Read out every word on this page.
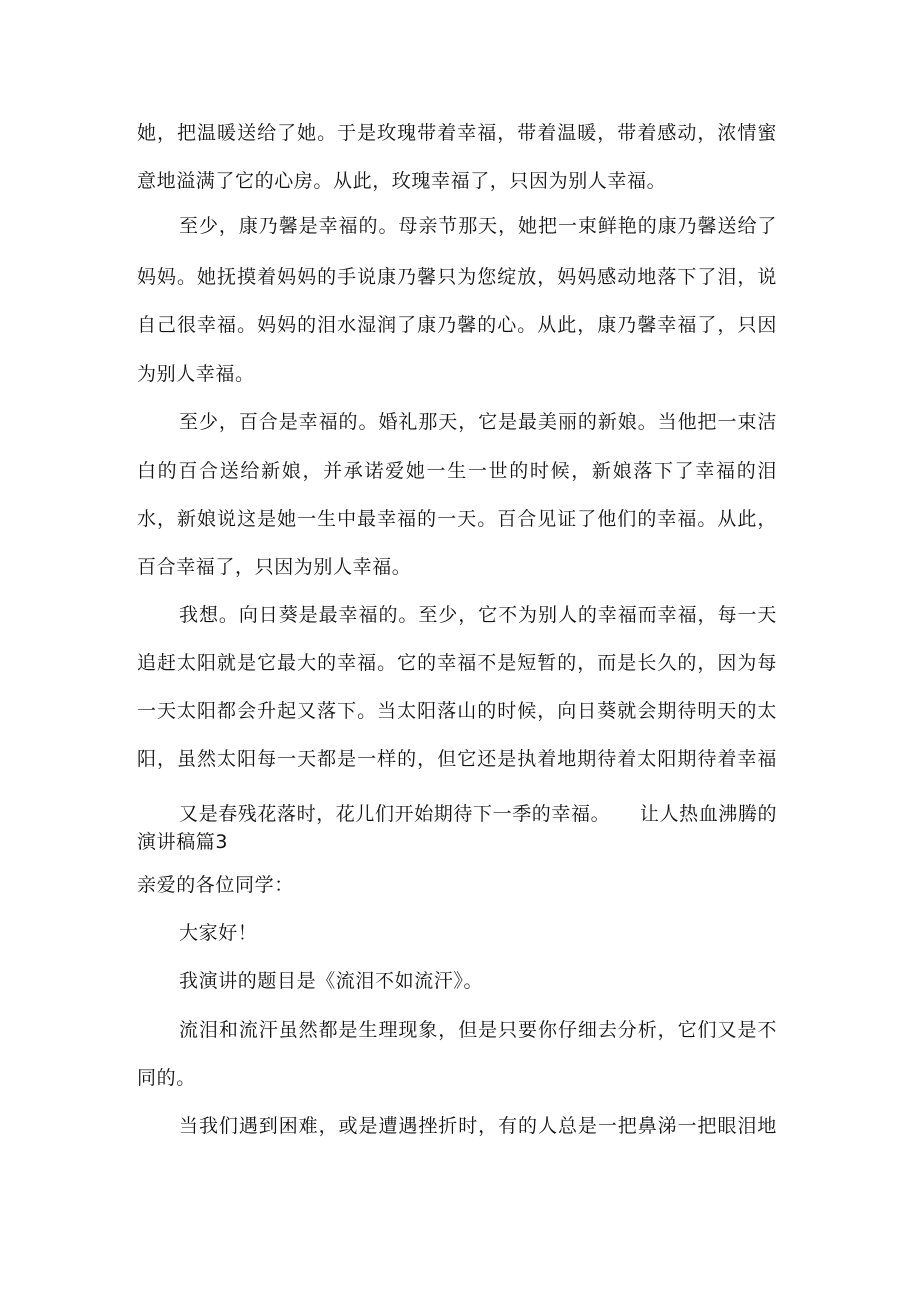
她，把温暖送给了她。于是玫瑰带着幸福，带着温暖，带着感动，浓情蜜

意地溢满了它的心房。从此，玫瑰幸福了，只因为别人幸福。

至少，康乃馨是幸福的。母亲节那天，她把一束鲜艳的康乃馨送给了

妈妈。她抚摸着妈妈的手说康乃馨只为您绽放，妈妈感动地落下了泪，说

自己很幸福。妈妈的泪水湿润了康乃馨的心。从此，康乃馨幸福了，只因

为别人幸福。

至少，百合是幸福的。婚礼那天，它是最美丽的新娘。当他把一束洁

白的百合送给新娘，并承诺爱她一生一世的时候，新娘落下了幸福的泪

水，新娘说这是她一生中最幸福的一天。百合见证了他们的幸福。从此，

百合幸福了，只因为别人幸福。

我想。向日葵是最幸福的。至少，它不为别人的幸福而幸福，每一天

追赶太阳就是它最大的幸福。它的幸福不是短暂的，而是长久的，因为每

一天太阳都会升起又落下。当太阳落山的时候，向日葵就会期待明天的太

阳，虽然太阳每一天都是一样的，但它还是执着地期待着太阳期待着幸福

又是春残花落时，花儿们开始期待下一季的幸福。　　让人热血沸腾的

演讲稿篇3

亲爱的各位同学：

大家好！

我演讲的题目是《流泪不如流汗》。

流泪和流汗虽然都是生理现象，但是只要你仔细去分析，它们又是不

同的。

当我们遇到困难，或是遭遇挫折时，有的人总是一把鼻涕一把眼泪地
